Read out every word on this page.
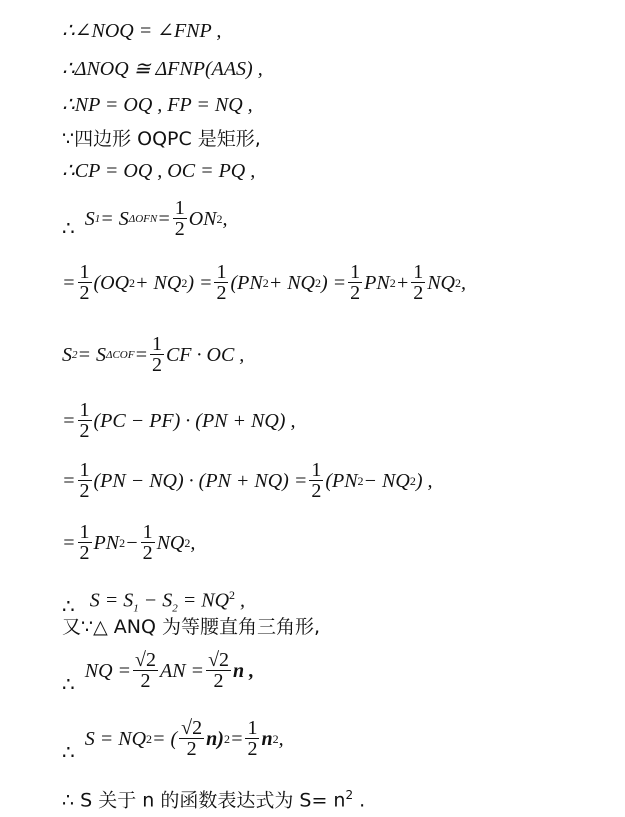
∴∠NOQ = ∠FNP ,
∴ΔNOQ ≅ ΔFNP(AAS) ,
∴NP = OQ , FP = NQ ,
∵四边形 OQPC 是矩形,
∴CP = OQ , OC = PQ ,
∴ S 1 = S $\Delta OFN = \frac{1}{2}$ ON 2 ,
= $\frac{1}{2} (OQ$ 2 + NQ 2 ) = $\frac{1}{2} (PN$ 2 + NQ 2 ) = $\frac{1}{2}$ PN $2 + \frac{1}{2}$ NQ 2 ,
S 2 = S $\Delta COF = \frac{1}{2}$ CF · OC ,
= $\frac{1}{2} (PC - PF) \cdot (PN + NQ)$ ,
= $\frac{1}{2} (PN - NQ) \cdot (PN + NQ) = \frac{1}{2} (PN$ 2 − NQ 2 ) ,
= $\frac{1}{2}$ PN $2 - \frac{1}{2}$ NQ 2 ,
∴ $S = S_1 - S_2 = NQ^2$ ,
又∵△ ANQ 为等腰直角三角形,
∴
NQ = $\frac{√2}{2}$ AN = $\frac{√2}{2}$ n ,
∴
S = NQ 2 = ( $\frac{√2}{2} n$) $2 = \frac{1}{2}$ n 2 ,
∴ S 关于 n 的函数表达式为 $S= n^2$ .
